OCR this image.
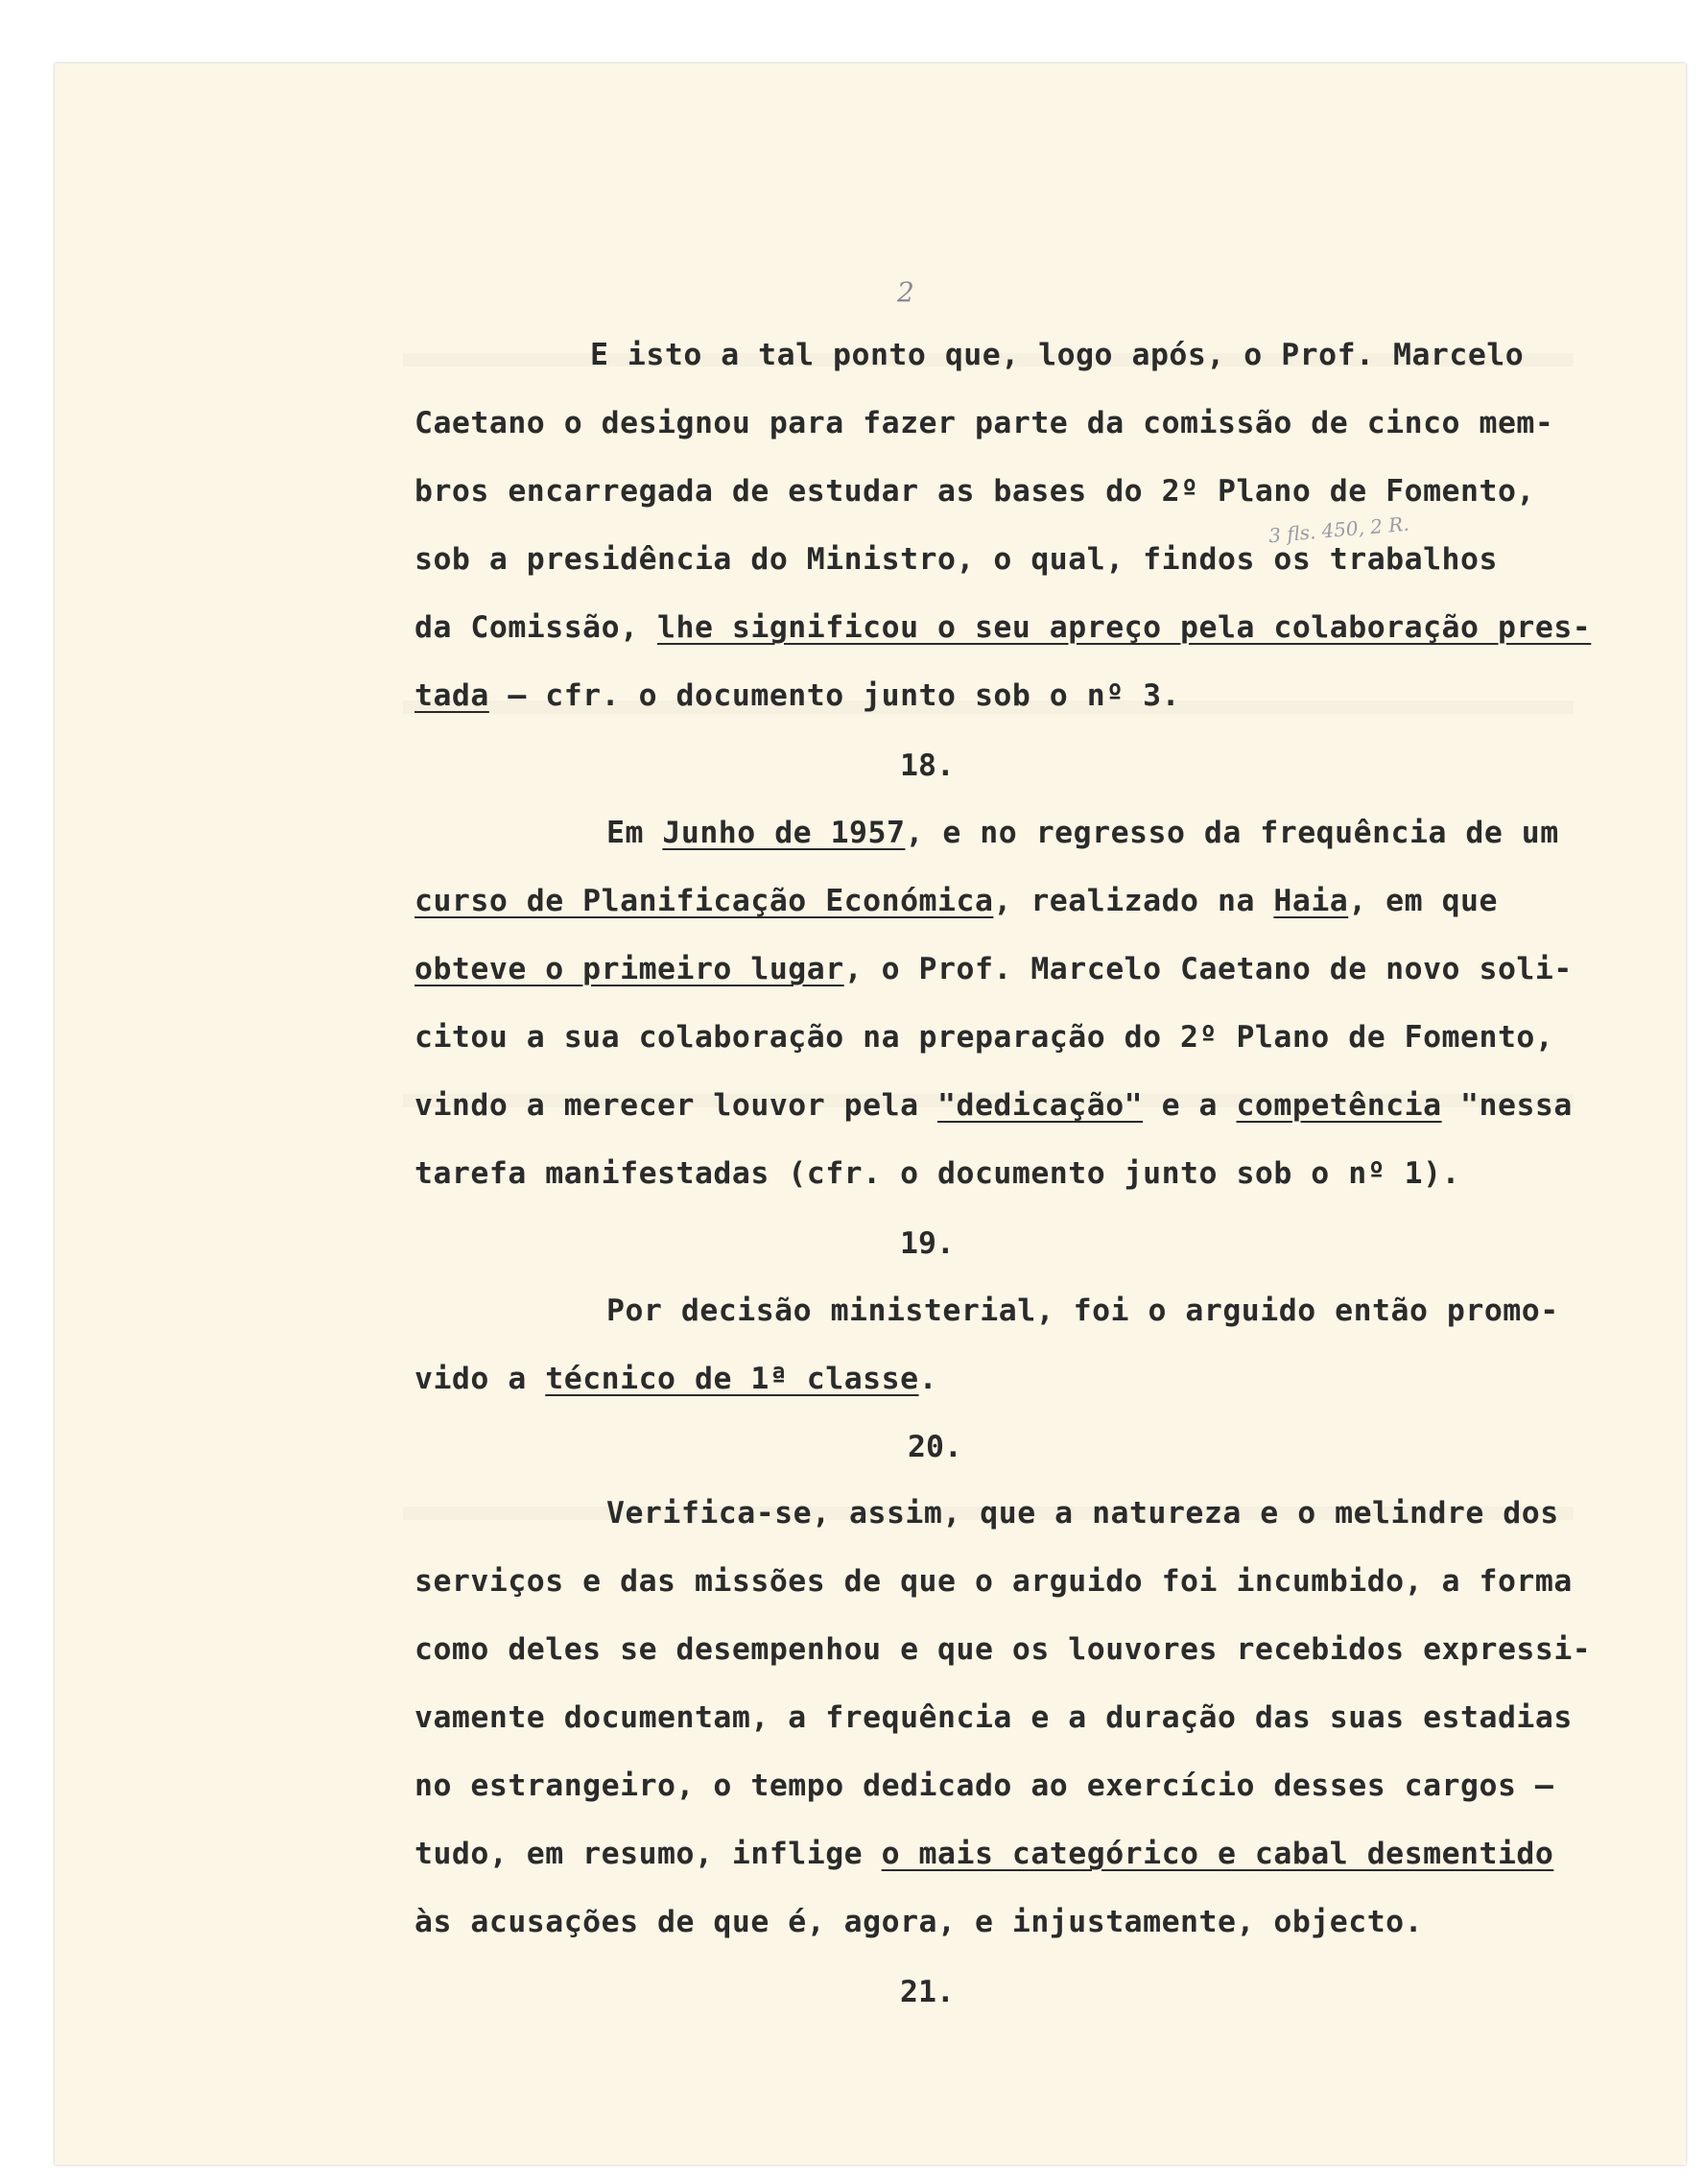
2
3 fls. 450, 2 R.
E isto a tal ponto que, logo após, o Prof. Marcelo
Caetano o designou para fazer parte da comissão de cinco mem-
bros encarregada de estudar as bases do 2º Plano de Fomento,
sob a presidência do Ministro, o qual, findos os trabalhos
da Comissão, lhe significou o seu apreço pela colaboração pres-
tada — cfr. o documento junto sob o nº 3.
18.
Em Junho de 1957, e no regresso da frequência de um
curso de Planificação Económica, realizado na Haia, em que
obteve o primeiro lugar, o Prof. Marcelo Caetano de novo soli-
citou a sua colaboração na preparação do 2º Plano de Fomento,
vindo a merecer louvor pela "dedicação" e a competência "nessa
tarefa manifestadas (cfr. o documento junto sob o nº 1).
19.
Por decisão ministerial, foi o arguido então promo-
vido a técnico de 1ª classe.
20.
Verifica-se, assim, que a natureza e o melindre dos
serviços e das missões de que o arguido foi incumbido, a forma
como deles se desempenhou e que os louvores recebidos expressi-
vamente documentam, a frequência e a duração das suas estadias
no estrangeiro, o tempo dedicado ao exercício desses cargos —
tudo, em resumo, inflige o mais categórico e cabal desmentido
às acusações de que é, agora, e injustamente, objecto.
21.
